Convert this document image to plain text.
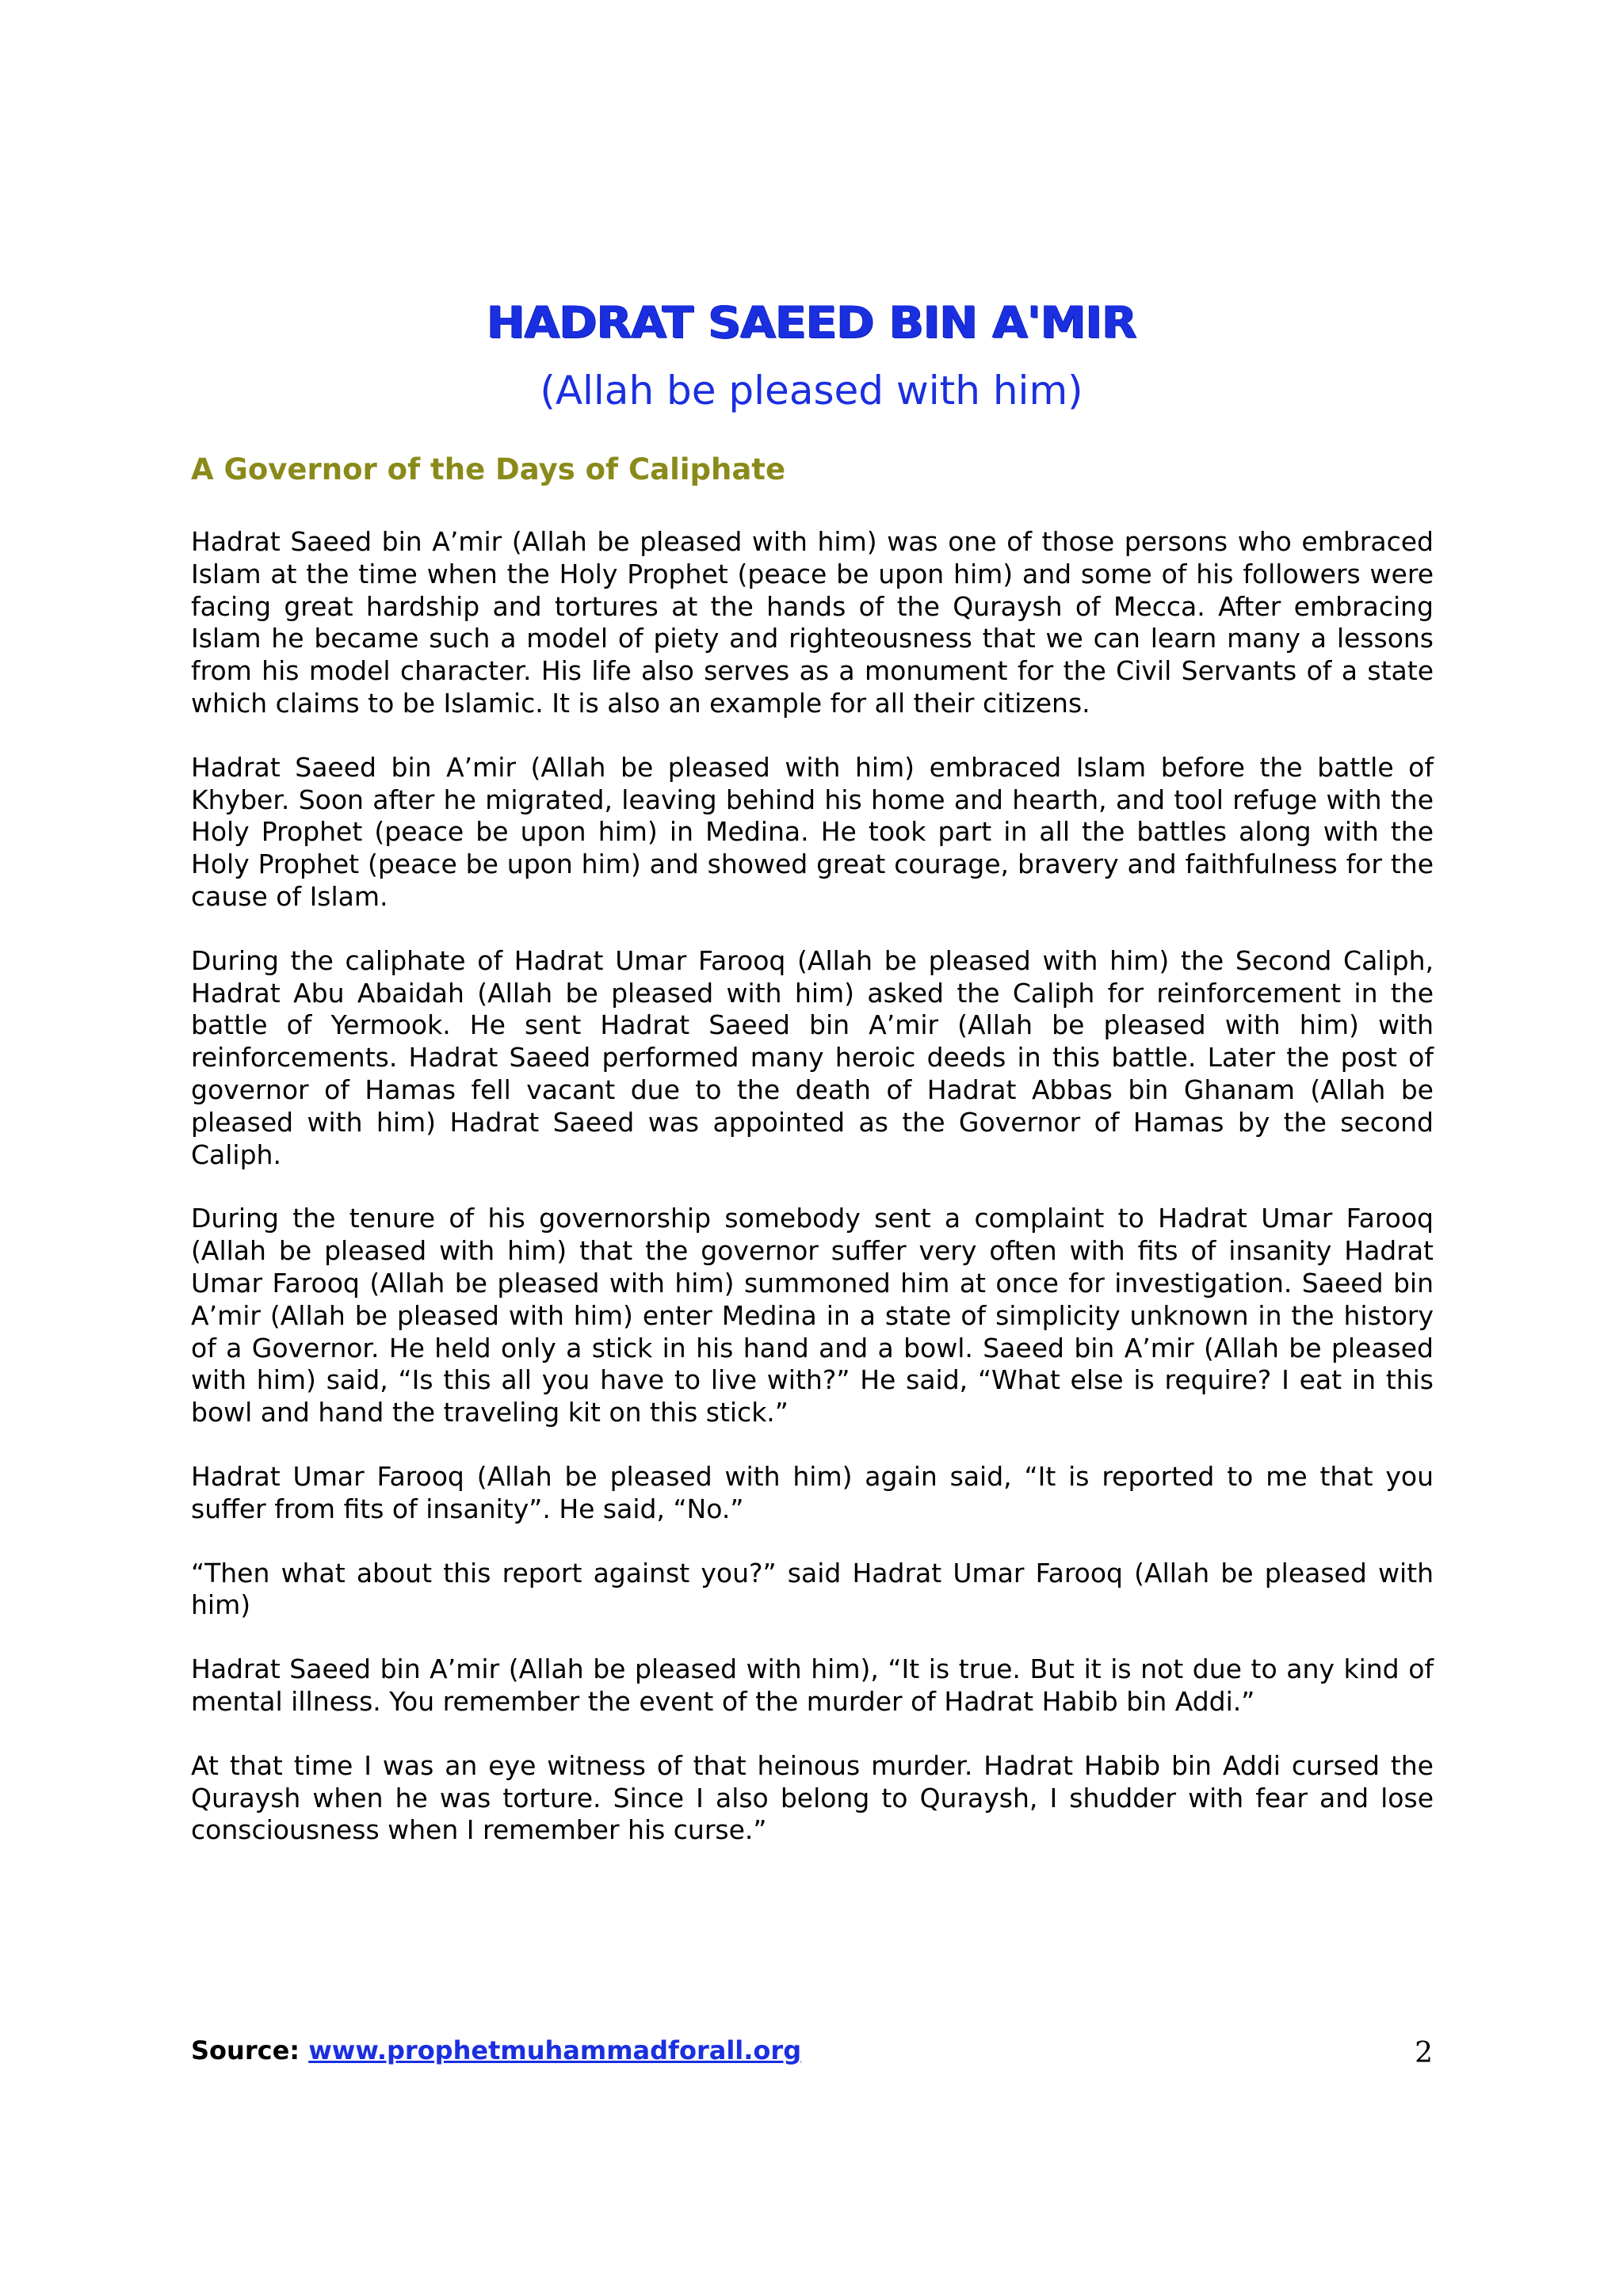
HADRAT SAEED BIN A'MIR
(Allah be pleased with him)
A Governor of the Days of Caliphate

Hadrat Saeed bin A’mir (Allah be pleased with him) was one of those persons who embraced Islam at the time when the Holy Prophet (peace be upon him) and some of his followers were facing great hardship and tortures at the hands of the Quraysh of Mecca. After embracing Islam he became such a model of piety and righteousness that we can learn many a lessons from his model character. His life also serves as a monument for the Civil Servants of a state which claims to be Islamic. It is also an example for all their citizens.

Hadrat Saeed bin A’mir (Allah be pleased with him) embraced Islam before the battle of Khyber. Soon after he migrated, leaving behind his home and hearth, and tool refuge with the Holy Prophet (peace be upon him) in Medina. He took part in all the battles along with the Holy Prophet (peace be upon him) and showed great courage, bravery and faithfulness for the cause of Islam.

During the caliphate of Hadrat Umar Farooq (Allah be pleased with him) the Second Caliph, Hadrat Abu Abaidah (Allah be pleased with him) asked the Caliph for reinforcement in the battle of Yermook. He sent Hadrat Saeed bin A’mir (Allah be pleased with him) with reinforcements. Hadrat Saeed performed many heroic deeds in this battle. Later the post of governor of Hamas fell vacant due to the death of Hadrat Abbas bin Ghanam (Allah be pleased with him) Hadrat Saeed was appointed as the Governor of Hamas by the second Caliph.

During the tenure of his governorship somebody sent a complaint to Hadrat Umar Farooq (Allah be pleased with him) that the governor suffer very often with fits of insanity Hadrat Umar Farooq (Allah be pleased with him) summoned him at once for investigation. Saeed bin A’mir (Allah be pleased with him) enter Medina in a state of simplicity unknown in the history of a Governor. He held only a stick in his hand and a bowl. Saeed bin A’mir (Allah be pleased with him) said, “Is this all you have to live with?” He said, “What else is require? I eat in this bowl and hand the traveling kit on this stick.”

Hadrat Umar Farooq (Allah be pleased with him) again said, “It is reported to me that you suffer from fits of insanity”. He said, “No.”

“Then what about this report against you?” said Hadrat Umar Farooq (Allah be pleased with him)

Hadrat Saeed bin A’mir (Allah be pleased with him), “It is true. But it is not due to any kind of mental illness. You remember the event of the murder of Hadrat Habib bin Addi.”

At that time I was an eye witness of that heinous murder. Hadrat Habib bin Addi cursed the Quraysh when he was torture. Since I also belong to Quraysh, I shudder with fear and lose consciousness when I remember his curse.”

Source: www.prophetmuhammadforall.org	2
